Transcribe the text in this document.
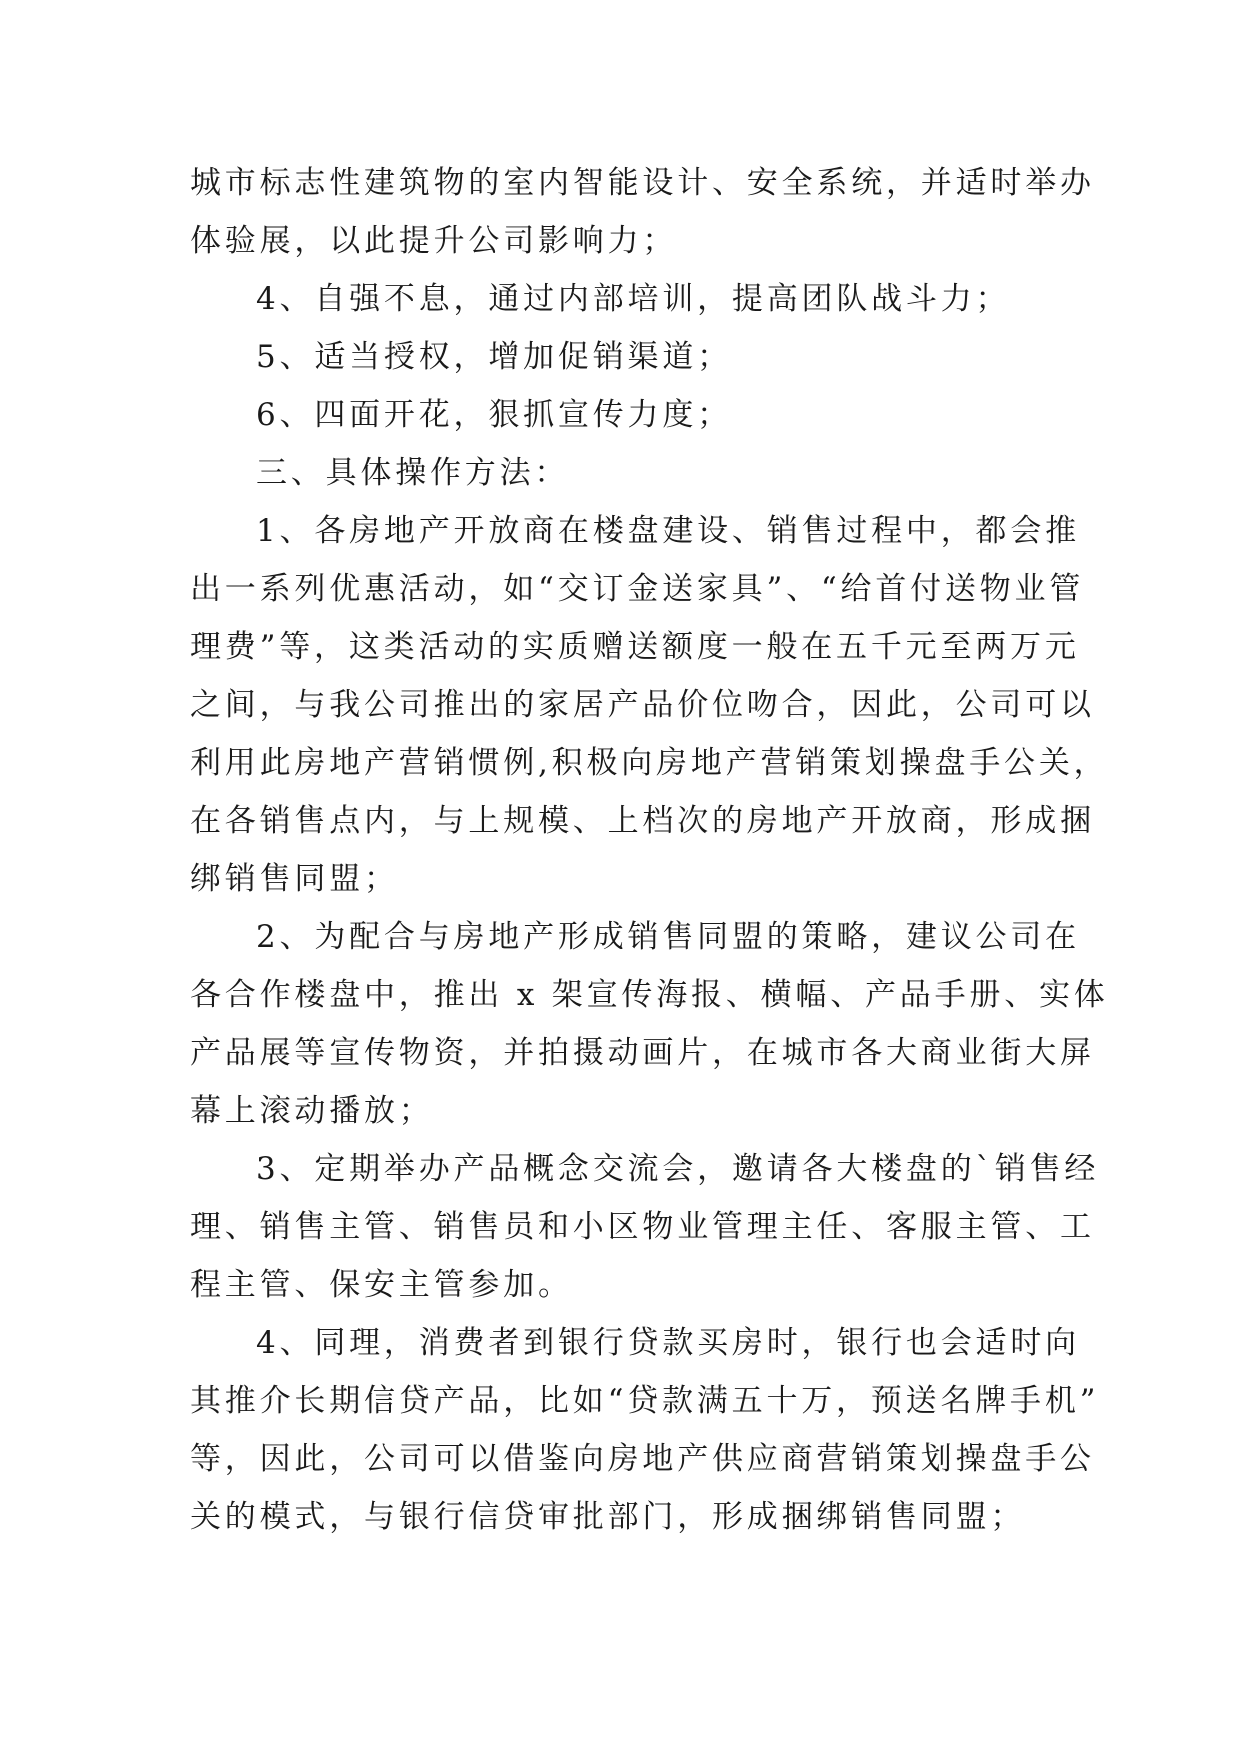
城市标志性建筑物的室内智能设计、安全系统，并适时举办
体验展，以此提升公司影响力；
4、自强不息，通过内部培训，提高团队战斗力；
5、适当授权，增加促销渠道；
6、四面开花，狠抓宣传力度；
三、具体操作方法：
1、各房地产开放商在楼盘建设、销售过程中，都会推
出一系列优惠活动，如“交订金送家具”、“给首付送物业管
理费”等，这类活动的实质赠送额度一般在五千元至两万元
之间，与我公司推出的家居产品价位吻合，因此，公司可以
利用此房地产营销惯例,积极向房地产营销策划操盘手公关，
在各销售点内，与上规模、上档次的房地产开放商，形成捆
绑销售同盟；
2、为配合与房地产形成销售同盟的策略，建议公司在
各合作楼盘中，推出 x 架宣传海报、横幅、产品手册、实体
产品展等宣传物资，并拍摄动画片，在城市各大商业街大屏
幕上滚动播放；
3、定期举办产品概念交流会，邀请各大楼盘的`销售经
理、销售主管、销售员和小区物业管理主任、客服主管、工
程主管、保安主管参加。
4、同理，消费者到银行贷款买房时，银行也会适时向
其推介长期信贷产品，比如“贷款满五十万，预送名牌手机”
等，因此，公司可以借鉴向房地产供应商营销策划操盘手公
关的模式，与银行信贷审批部门，形成捆绑销售同盟；
